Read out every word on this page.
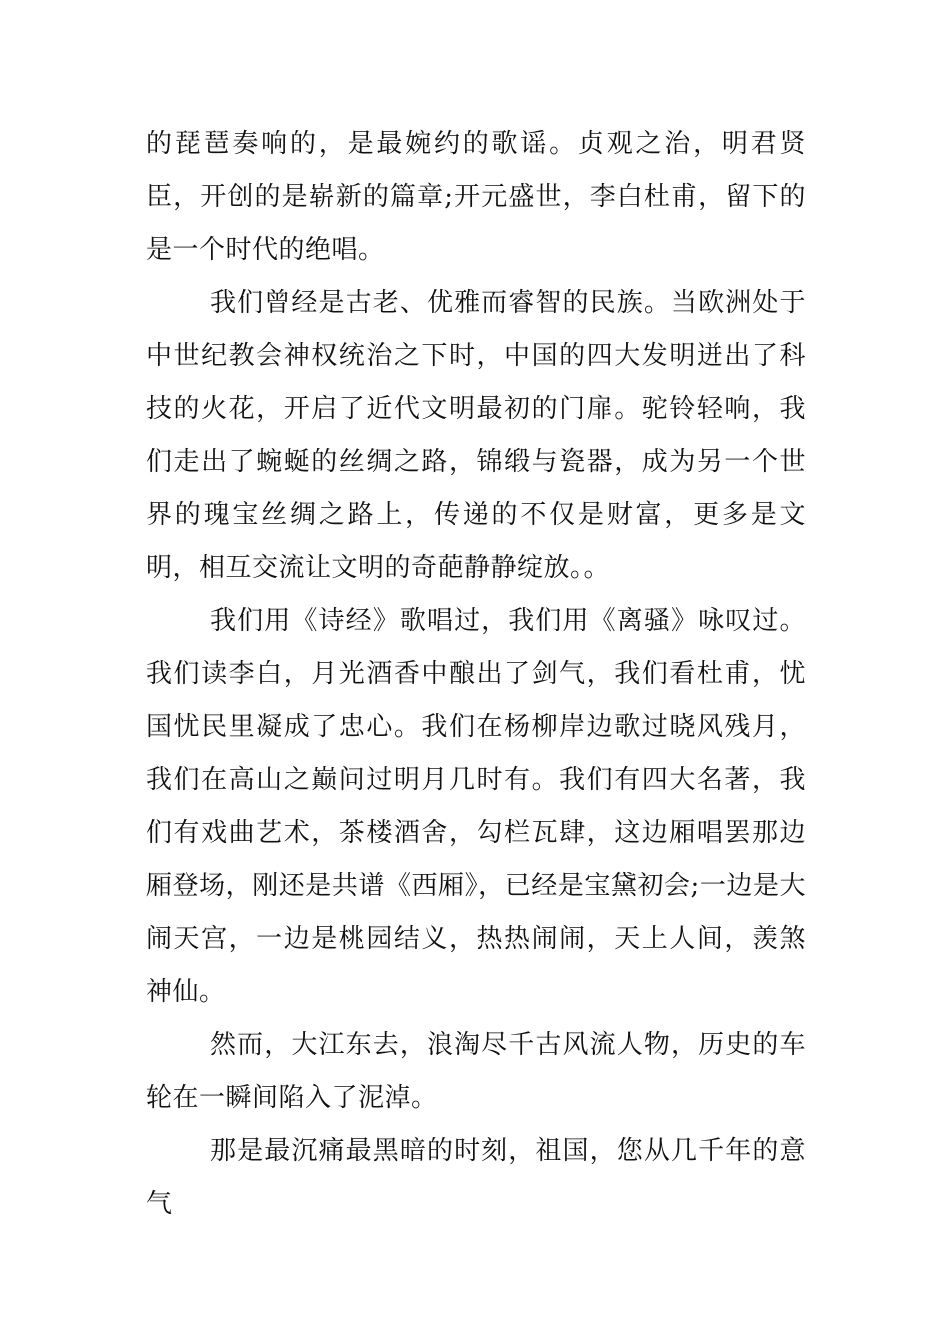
的琵琶奏响的，是最婉约的歌谣。贞观之治，明君贤臣，开创的是崭新的篇章;开元盛世，李白杜甫，留下的是一个时代的绝唱。

我们曾经是古老、优雅而睿智的民族。当欧洲处于中世纪教会神权统治之下时，中国的四大发明迸出了科技的火花，开启了近代文明最初的门扉。驼铃轻响，我们走出了蜿蜒的丝绸之路，锦缎与瓷器，成为另一个世界的瑰宝丝绸之路上，传递的不仅是财富，更多是文明，相互交流让文明的奇葩静静绽放。。

我们用《诗经》歌唱过，我们用《离骚》咏叹过。我们读李白，月光酒香中酿出了剑气，我们看杜甫，忧国忧民里凝成了忠心。我们在杨柳岸边歌过晓风残月，我们在高山之巅问过明月几时有。我们有四大名著，我们有戏曲艺术，茶楼酒舍，勾栏瓦肆，这边厢唱罢那边厢登场，刚还是共谱《西厢》，已经是宝黛初会;一边是大闹天宫，一边是桃园结义，热热闹闹，天上人间，羡煞神仙。

然而，大江东去，浪淘尽千古风流人物，历史的车轮在一瞬间陷入了泥淖。

那是最沉痛最黑暗的时刻，祖国，您从几千年的意气
